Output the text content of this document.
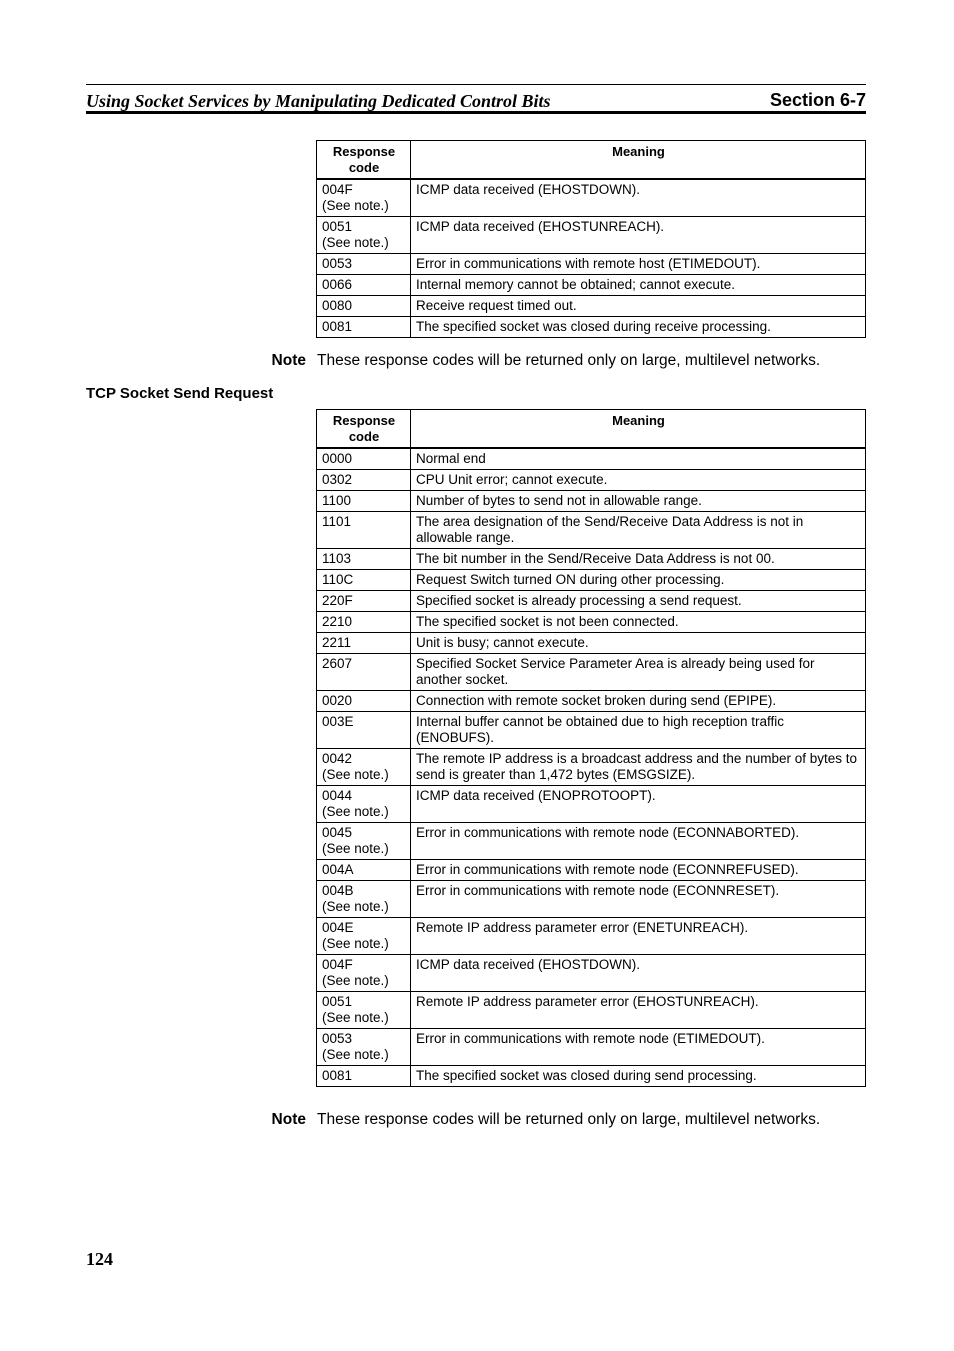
Using Socket Services by Manipulating Dedicated Control Bits	Section 6-7
Response
code	Meaning
004F
(See note.)	ICMP data received (EHOSTDOWN).
0051
(See note.)	ICMP data received (EHOSTUNREACH).
0053	Error in communications with remote host (ETIMEDOUT).
0066	Internal memory cannot be obtained; cannot execute.
0080	Receive request timed out.
0081	The specified socket was closed during receive processing.
Note These response codes will be returned only on large, multilevel networks.
TCP Socket Send Request
Response
code	Meaning
0000	Normal end
0302	CPU Unit error; cannot execute.
1100	Number of bytes to send not in allowable range.
1101	The area designation of the Send/Receive Data Address is not in allowable range.
1103	The bit number in the Send/Receive Data Address is not 00.
110C	Request Switch turned ON during other processing.
220F	Specified socket is already processing a send request.
2210	The specified socket is not been connected.
2211	Unit is busy; cannot execute.
2607	Specified Socket Service Parameter Area is already being used for another socket.
0020	Connection with remote socket broken during send (EPIPE).
003E	Internal buffer cannot be obtained due to high reception traffic (ENOBUFS).
0042
(See note.)	The remote IP address is a broadcast address and the number of bytes to send is greater than 1,472 bytes (EMSGSIZE).
0044
(See note.)	ICMP data received (ENOPROTOOPT).
0045
(See note.)	Error in communications with remote node (ECONNABORTED).
004A	Error in communications with remote node (ECONNREFUSED).
004B
(See note.)	Error in communications with remote node (ECONNRESET).
004E
(See note.)	Remote IP address parameter error (ENETUNREACH).
004F
(See note.)	ICMP data received (EHOSTDOWN).
0051
(See note.)	Remote IP address parameter error (EHOSTUNREACH).
0053
(See note.)	Error in communications with remote node (ETIMEDOUT).
0081	The specified socket was closed during send processing.
Note These response codes will be returned only on large, multilevel networks.
124
